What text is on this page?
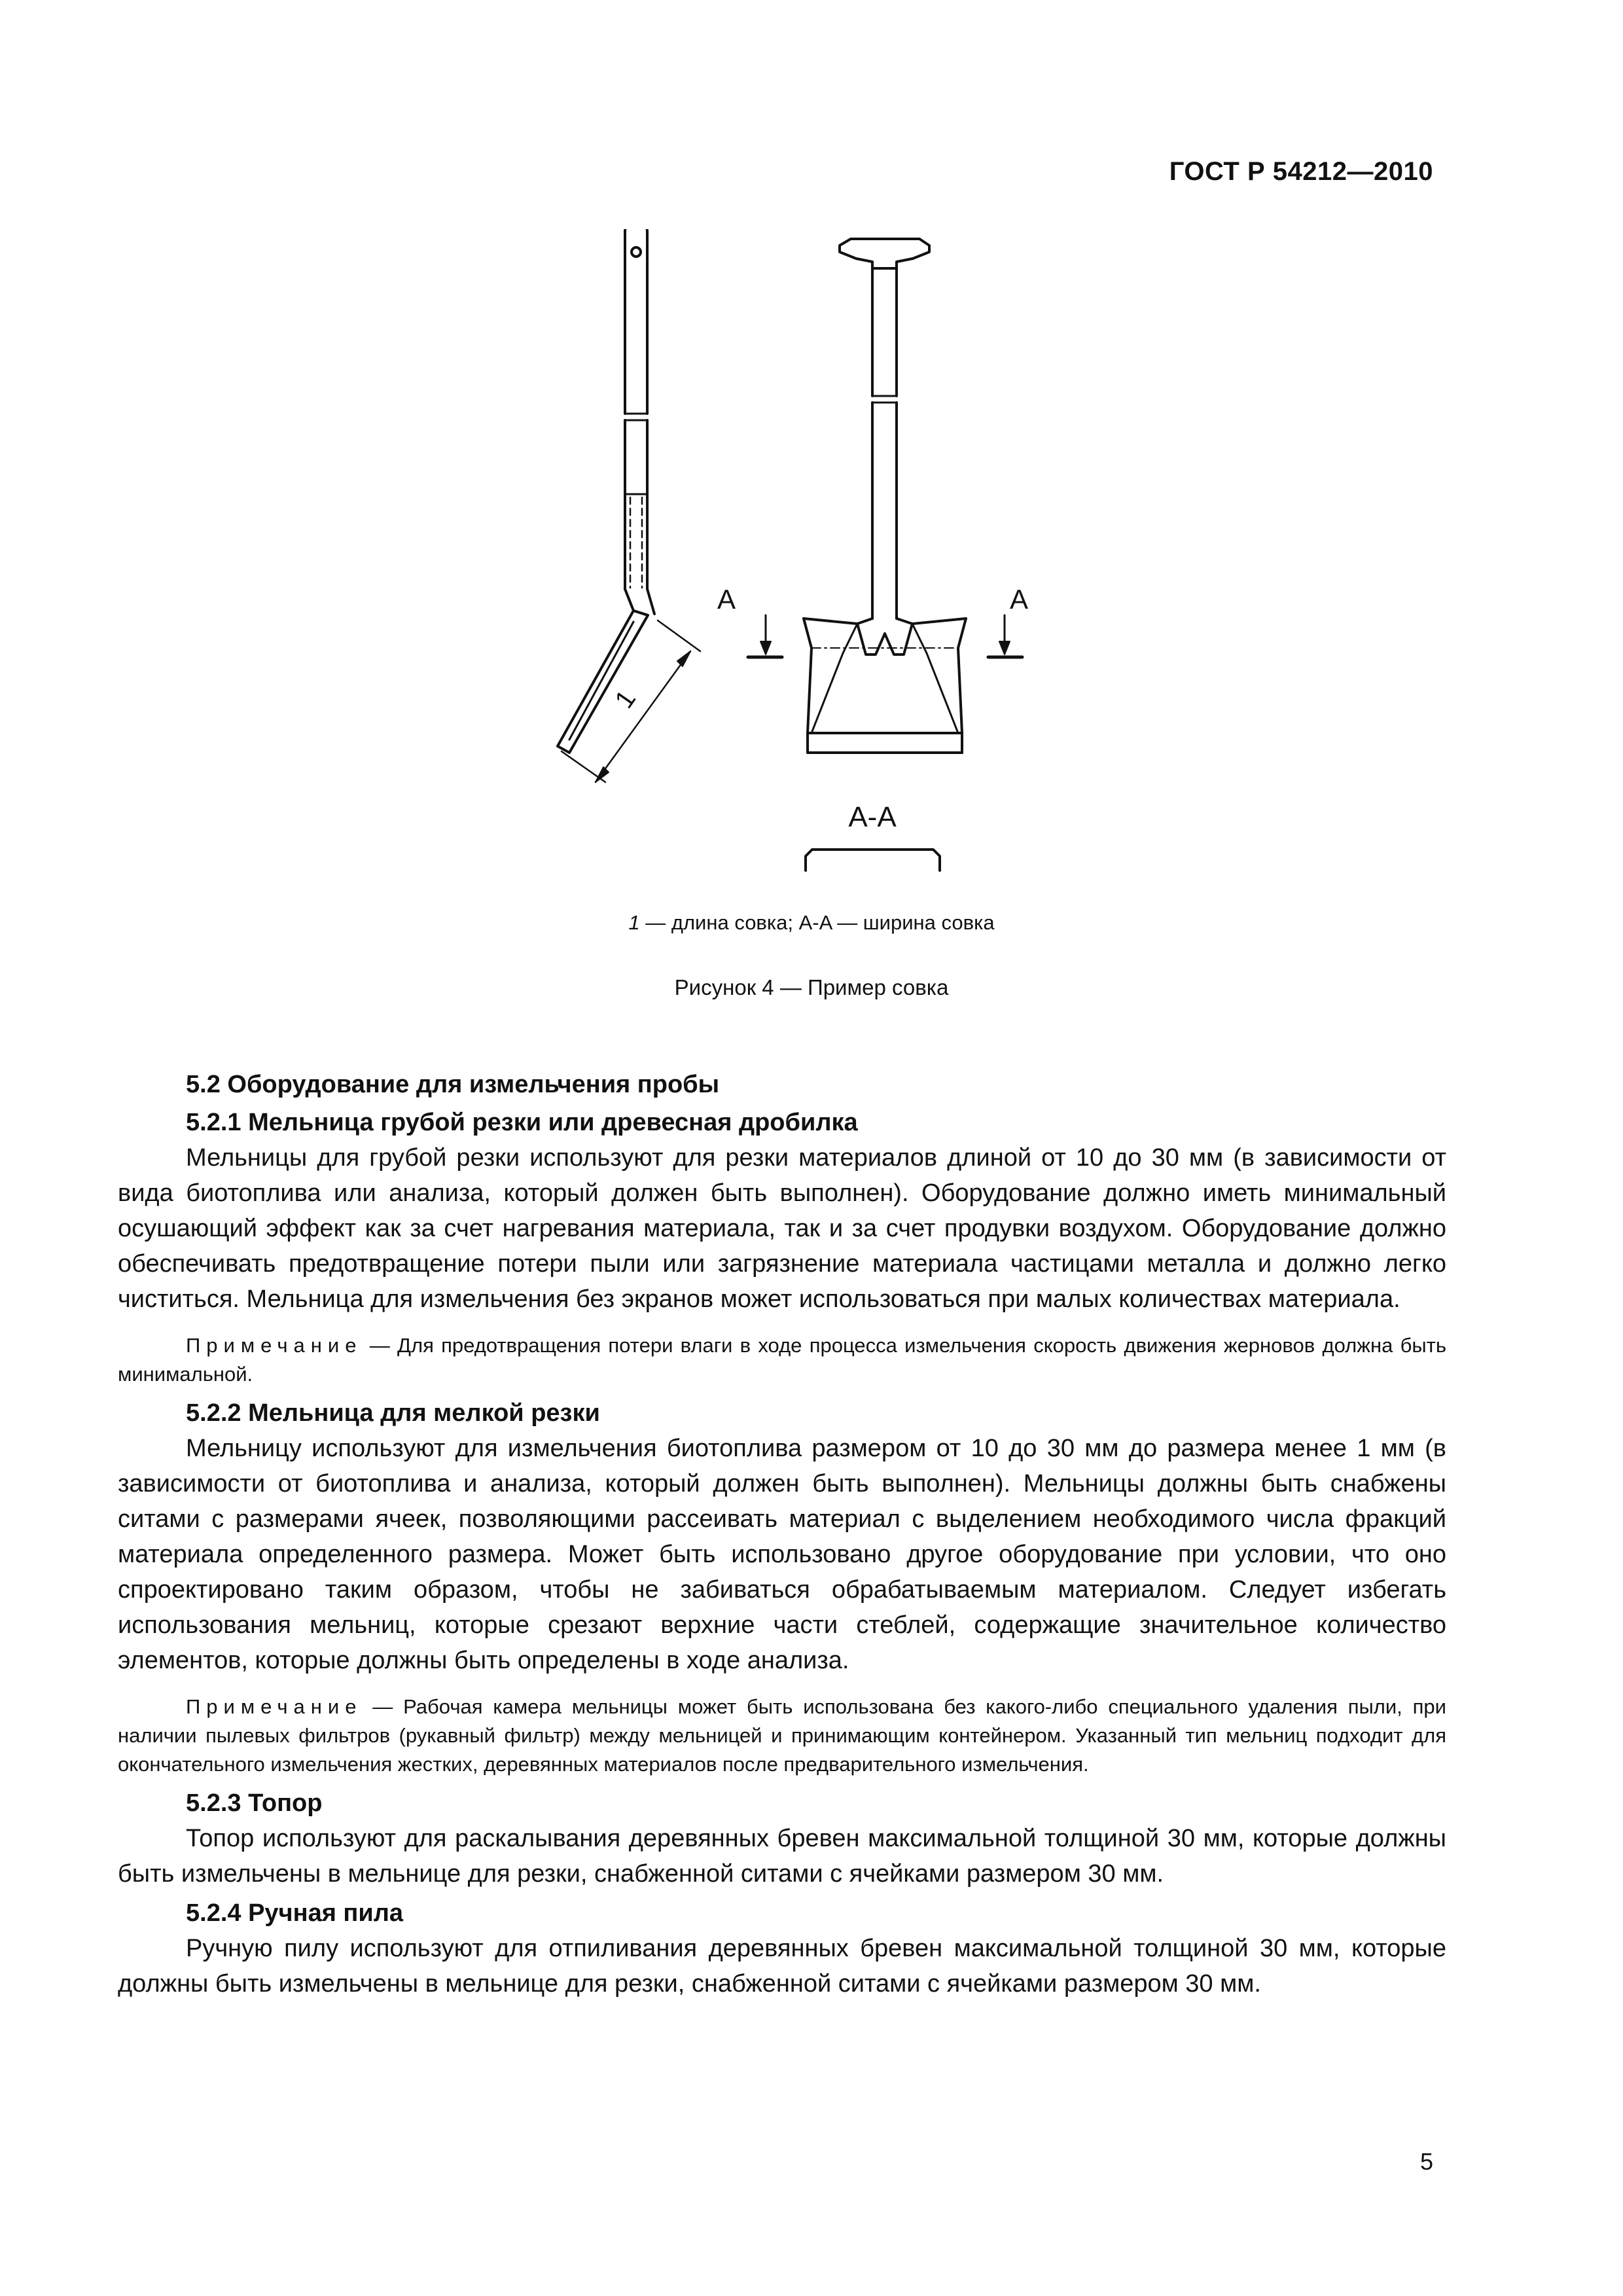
ГОСТ Р 54212—2010
A	A
1
A-A
1 — длина совка; A-A — ширина совка
Рисунок 4 — Пример совка

5.2 Оборудование для измельчения пробы

5.2.1 Мельница грубой резки или древесная дробилка

Мельницы для грубой резки используют для резки материалов длиной от 10 до 30 мм (в зависимости от вида биотоплива или анализа, который должен быть выполнен). Оборудование должно иметь минимальный осушающий эффект как за счет нагревания материала, так и за счет продувки воздухом. Оборудование должно обеспечивать предотвращение потери пыли или загрязнение материала частицами металла и должно легко чиститься. Мельница для измельчения без экранов может использоваться при малых количествах материала.

Примечание — Для предотвращения потери влаги в ходе процесса измельчения скорость движения жерновов должна быть минимальной.

5.2.2 Мельница для мелкой резки

Мельницу используют для измельчения биотоплива размером от 10 до 30 мм до размера менее 1 мм (в зависимости от биотоплива и анализа, который должен быть выполнен). Мельницы должны быть снабжены ситами с размерами ячеек, позволяющими рассеивать материал с выделением необходимого числа фракций материала определенного размера. Может быть использовано другое оборудование при условии, что оно спроектировано таким образом, чтобы не забиваться обрабатываемым материалом. Следует избегать использования мельниц, которые срезают верхние части стеблей, содержащие значительное количество элементов, которые должны быть определены в ходе анализа.

Примечание — Рабочая камера мельницы может быть использована без какого-либо специального удаления пыли, при наличии пылевых фильтров (рукавный фильтр) между мельницей и принимающим контейнером. Указанный тип мельниц подходит для окончательного измельчения жестких, деревянных материалов после предварительного измельчения.

5.2.3 Топор

Топор используют для раскалывания деревянных бревен максимальной толщиной 30 мм, которые должны быть измельчены в мельнице для резки, снабженной ситами с ячейками размером 30 мм.

5.2.4 Ручная пила

Ручную пилу используют для отпиливания деревянных бревен максимальной толщиной 30 мм, которые должны быть измельчены в мельнице для резки, снабженной ситами с ячейками размером 30 мм.

5
